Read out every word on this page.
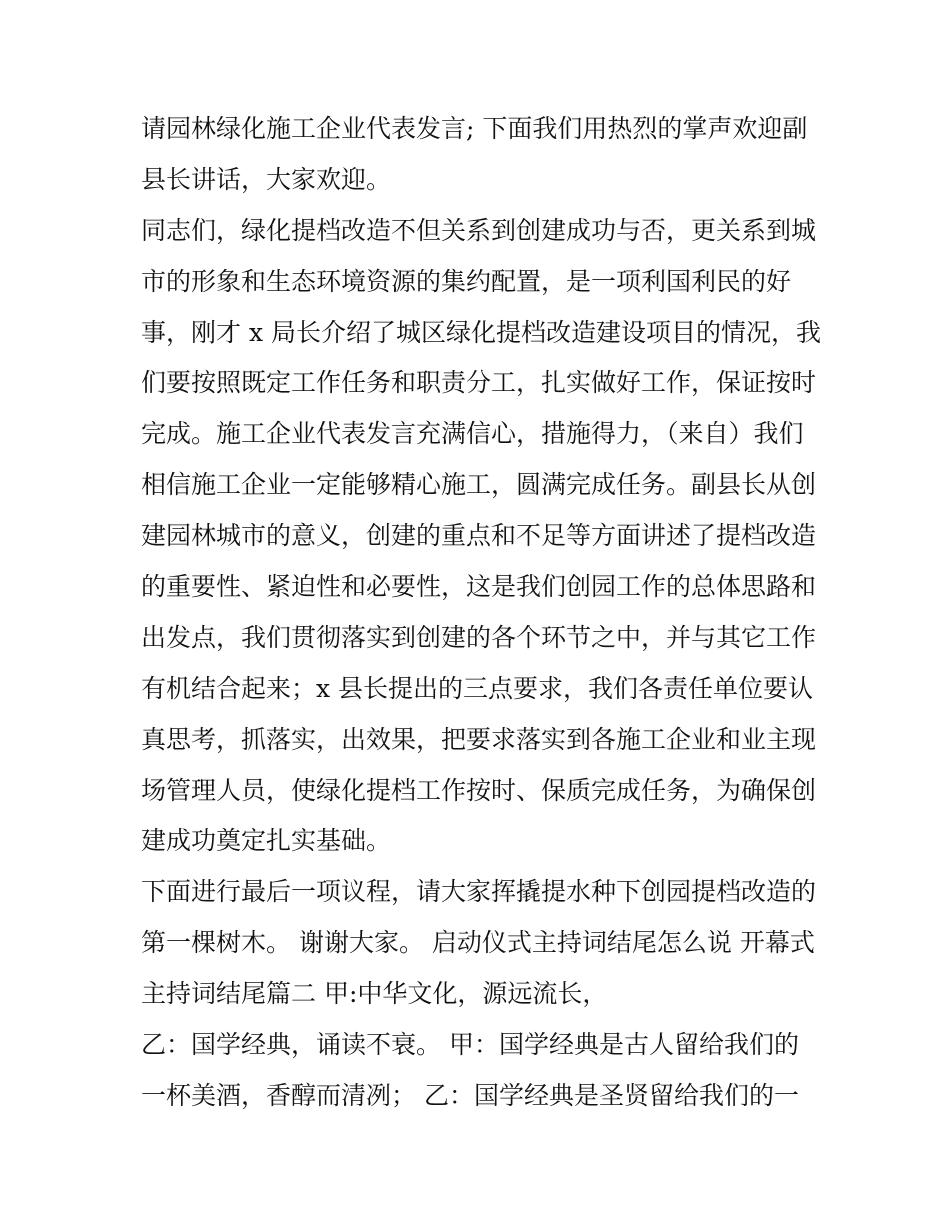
请园林绿化施工企业代表发言; 下面我们用热烈的掌声欢迎副
县长讲话，大家欢迎。
同志们，绿化提档改造不但关系到创建成功与否，更关系到城
市的形象和生态环境资源的集约配置，是一项利国利民的好
事，刚才 x 局长介绍了城区绿化提档改造建设项目的情况，我
们要按照既定工作任务和职责分工，扎实做好工作，保证按时
完成。施工企业代表发言充满信心，措施得力，（来自）我们
相信施工企业一定能够精心施工，圆满完成任务。副县长从创
建园林城市的意义，创建的重点和不足等方面讲述了提档改造
的重要性、紧迫性和必要性，这是我们创园工作的总体思路和
出发点，我们贯彻落实到创建的各个环节之中，并与其它工作
有机结合起来；x 县长提出的三点要求，我们各责任单位要认
真思考，抓落实，出效果，把要求落实到各施工企业和业主现
场管理人员，使绿化提档工作按时、保质完成任务，为确保创
建成功奠定扎实基础。
下面进行最后一项议程，请大家挥撬提水种下创园提档改造的
第一棵树木。 谢谢大家。 启动仪式主持词结尾怎么说 开幕式
主持词结尾篇二 甲:中华文化，源远流长，
乙：国学经典，诵读不衰。 甲：国学经典是古人留给我们的
一杯美酒，香醇而清冽； 乙：国学经典是圣贤留给我们的一
